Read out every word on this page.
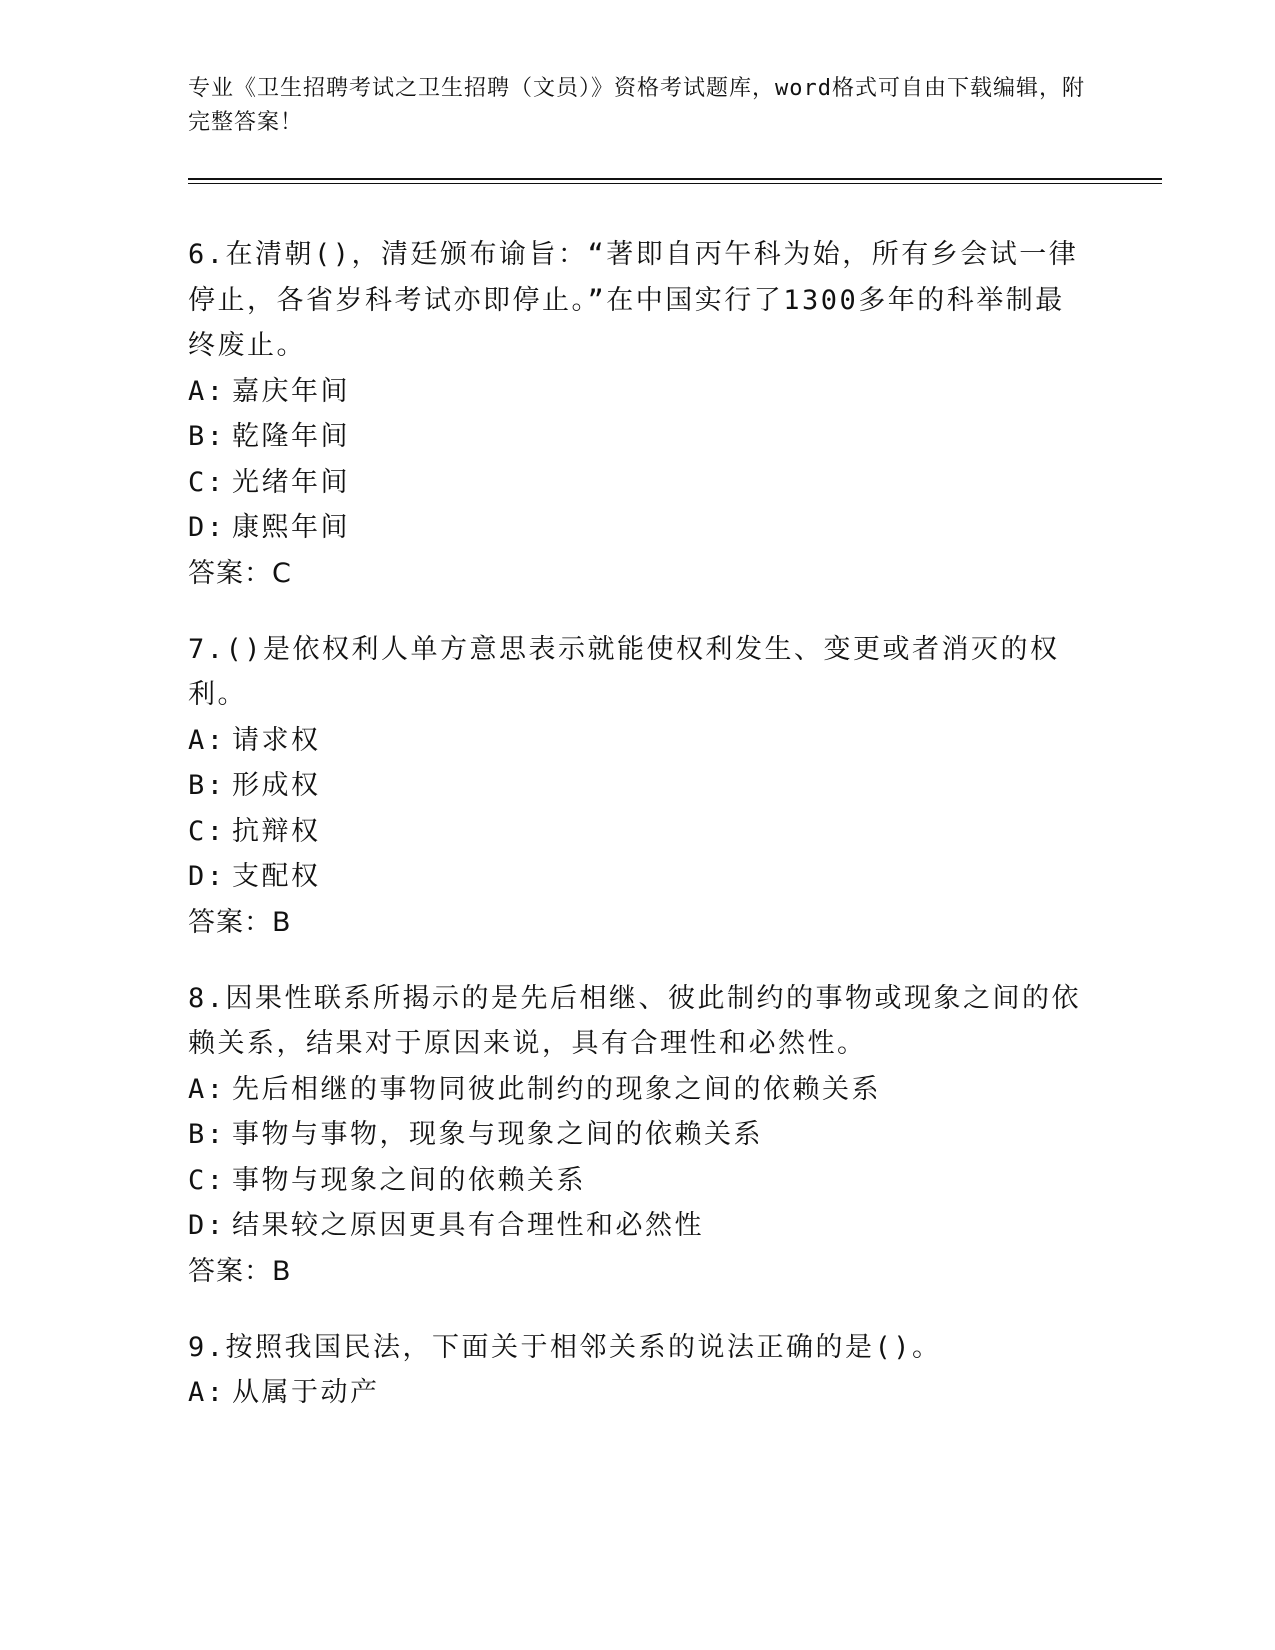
专业《卫生招聘考试之卫生招聘（文员）》资格考试题库，word格式可自由下载编辑，附完整答案！

6.在清朝()，清廷颁布谕旨：“著即自丙午科为始，所有乡会试一律停止，各省岁科考试亦即停止。”在中国实行了1300多年的科举制最终废止。

A: 嘉庆年间

B: 乾隆年间

C: 光绪年间

D: 康熙年间

答案：C

7.()是依权利人单方意思表示就能使权利发生、变更或者消灭的权利。

A: 请求权

B: 形成权

C: 抗辩权

D: 支配权

答案：B

8.因果性联系所揭示的是先后相继、彼此制约的事物或现象之间的依赖关系，结果对于原因来说，具有合理性和必然性。

A: 先后相继的事物同彼此制约的现象之间的依赖关系

B: 事物与事物，现象与现象之间的依赖关系

C: 事物与现象之间的依赖关系

D: 结果较之原因更具有合理性和必然性

答案：B

9.按照我国民法，下面关于相邻关系的说法正确的是()。

A: 从属于动产
